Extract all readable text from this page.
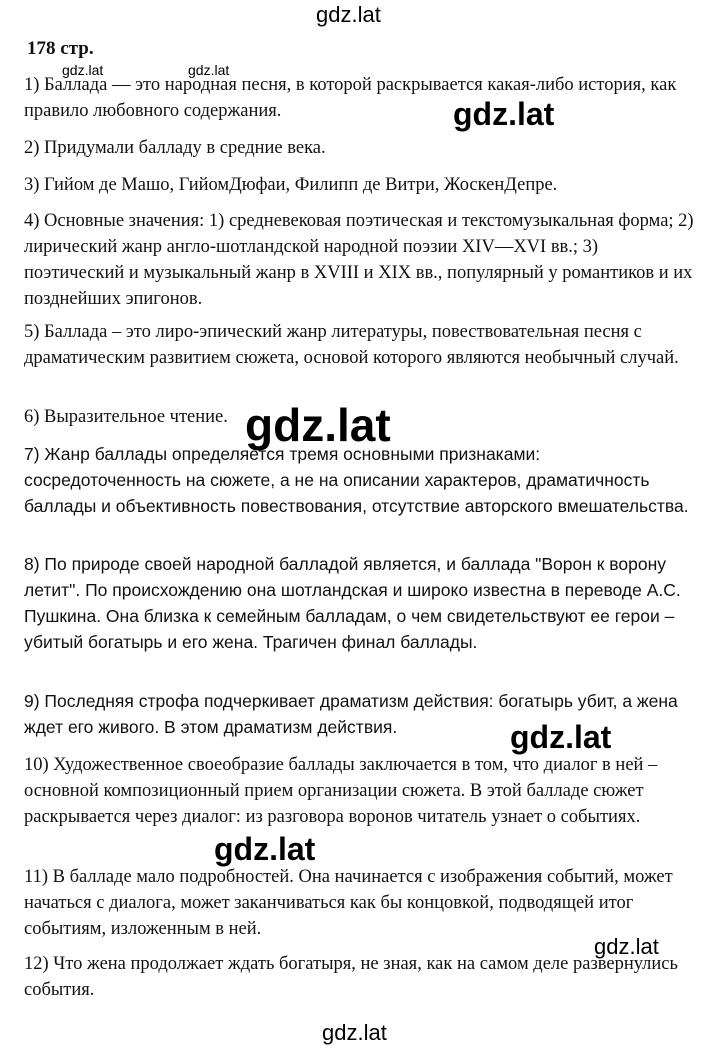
178 стр.
1) Баллада — это народная песня, в которой раскрывается какая-либо история, как правило любовного содержания.
2) Придумали балладу в средние века.
3) Гийом де Машо, ГийомДюфаи, Филипп де Витри, ЖоскенДепре.
4) Основные значения: 1) средневековая поэтическая и текстомузыкальная форма; 2) лирический жанр англо-шотландской народной поэзии XIV—XVI вв.; 3) поэтический и музыкальный жанр в XVIII и XIX вв., популярный у романтиков и их позднейших эпигонов.
5) Баллада – это лиро-эпический жанр литературы, повествовательная песня с драматическим развитием сюжета, основой которого являются необычный случай.
6) Выразительное чтение.
7) Жанр баллады определяется тремя основными признаками: сосредоточенность на сюжете, а не на описании характеров, драматичность баллады и объективность повествования, отсутствие авторского вмешательства.
8) По природе своей народной балладой является, и баллада "Ворон к ворону летит". По происхождению она шотландская и широко известна в переводе А.С. Пушкина. Она близка к семейным балладам, о чем свидетельствуют ее герои – убитый богатырь и его жена. Трагичен финал баллады.
9) Последняя строфа подчеркивает драматизм действия: богатырь убит, а жена ждет его живого. В этом драматизм действия.
10) Художественное своеобразие баллады заключается в том, что диалог в ней – основной композиционный прием организации сюжета. В этой балладе сюжет раскрывается через диалог: из разговора воронов читатель узнает о событиях.
11) В балладе мало подробностей. Она начинается с изображения событий, может начаться с диалога, может заканчиваться как бы концовкой, подводящей итог событиям, изложенным в ней.
12) Что жена продолжает ждать богатыря, не зная, как на самом деле развернулись события.
gdz.lat
gdz.lat	gdz.lat
gdz.lat
gdz.lat
gdz.lat
gdz.lat
gdz.lat
gdz.lat
